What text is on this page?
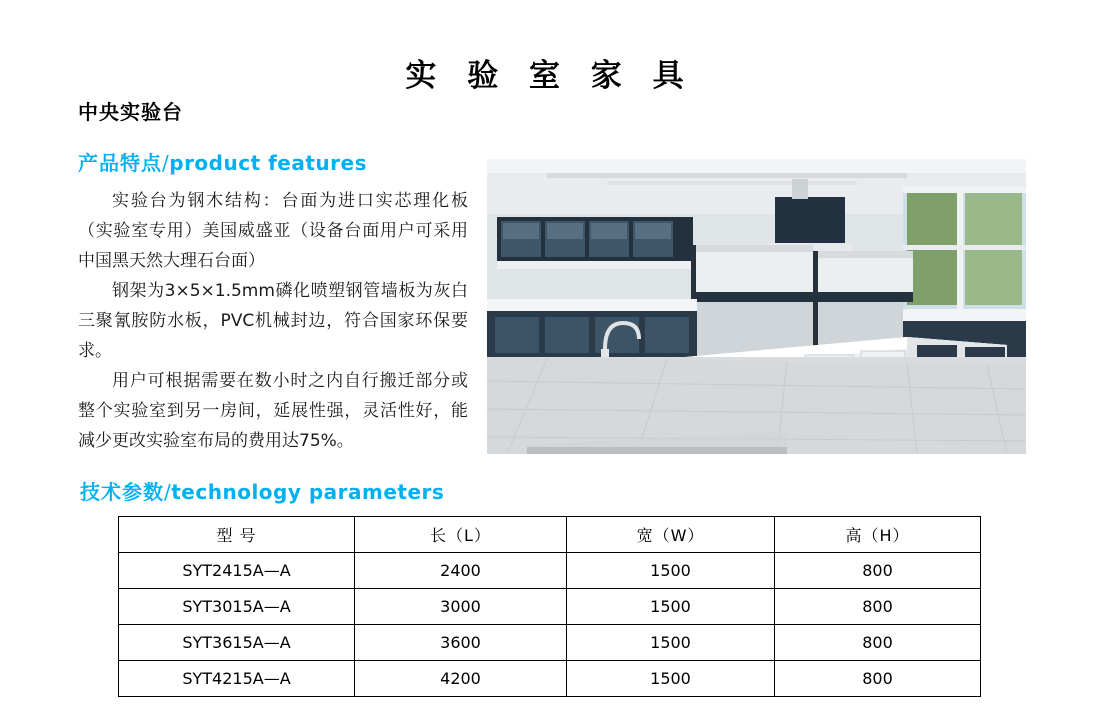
实 验 室 家 具
中央实验台
产品特点/product features

实验台为钢木结构：台面为进口实芯理化板（实验室专用）美国威盛亚（设备台面用户可采用中国黑天然大理石台面）

钢架为3×5×1.5mm磷化喷塑钢管墙板为灰白三聚氰胺防水板，PVC机械封边，符合国家环保要求。

用户可根据需要在数小时之内自行搬迁部分或整个实验室到另一房间，延展性强，灵活性好，能减少更改实验室布局的费用达75%。

技术参数/technology parameters
型 号	长（L）	宽（W）	高（H）
SYT2415A—A	2400	1500	800
SYT3015A—A	3000	1500	800
SYT3615A—A	3600	1500	800
SYT4215A—A	4200	1500	800
